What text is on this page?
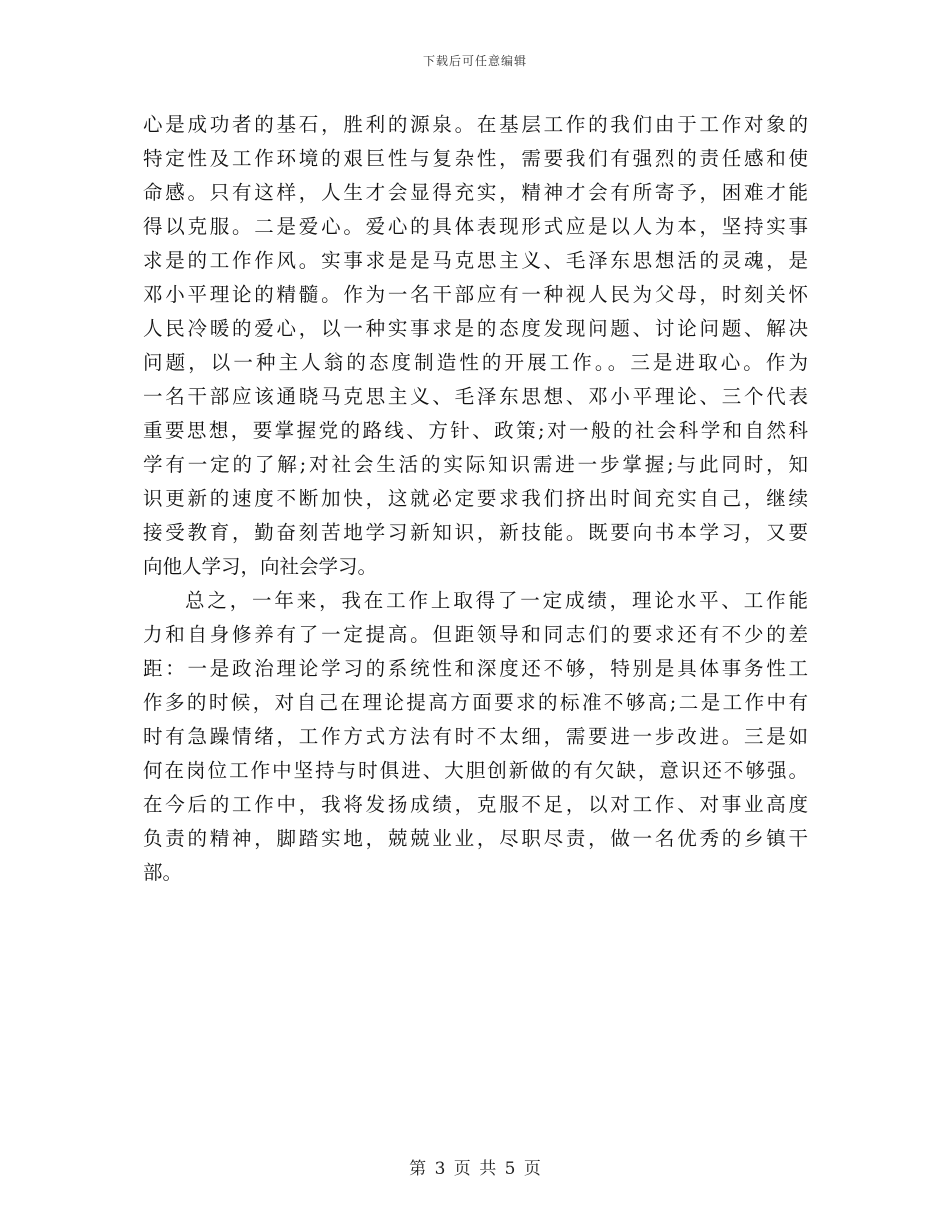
下载后可任意编辑
心是成功者的基石，胜利的源泉。在基层工作的我们由于工作对象的
特定性及工作环境的艰巨性与复杂性，需要我们有强烈的责任感和使
命感。只有这样，人生才会显得充实，精神才会有所寄予，困难才能
得以克服。二是爱心。爱心的具体表现形式应是以人为本，坚持实事
求是的工作作风。实事求是是马克思主义、毛泽东思想活的灵魂，是
邓小平理论的精髓。作为一名干部应有一种视人民为父母，时刻关怀
人民冷暖的爱心，以一种实事求是的态度发现问题、讨论问题、解决
问题，以一种主人翁的态度制造性的开展工作。。三是进取心。作为
一名干部应该通晓马克思主义、毛泽东思想、邓小平理论、三个代表
重要思想，要掌握党的路线、方针、政策;对一般的社会科学和自然科
学有一定的了解;对社会生活的实际知识需进一步掌握;与此同时，知
识更新的速度不断加快，这就必定要求我们挤出时间充实自己，继续
接受教育，勤奋刻苦地学习新知识，新技能。既要向书本学习，又要
向他人学习，向社会学习。
总之，一年来，我在工作上取得了一定成绩，理论水平、工作能
力和自身修养有了一定提高。但距领导和同志们的要求还有不少的差
距：一是政治理论学习的系统性和深度还不够，特别是具体事务性工
作多的时候，对自己在理论提高方面要求的标准不够高;二是工作中有
时有急躁情绪，工作方式方法有时不太细，需要进一步改进。三是如
何在岗位工作中坚持与时俱进、大胆创新做的有欠缺，意识还不够强。
在今后的工作中，我将发扬成绩，克服不足，以对工作、对事业高度
负责的精神，脚踏实地，兢兢业业，尽职尽责，做一名优秀的乡镇干
部。
第 3 页 共 5 页
